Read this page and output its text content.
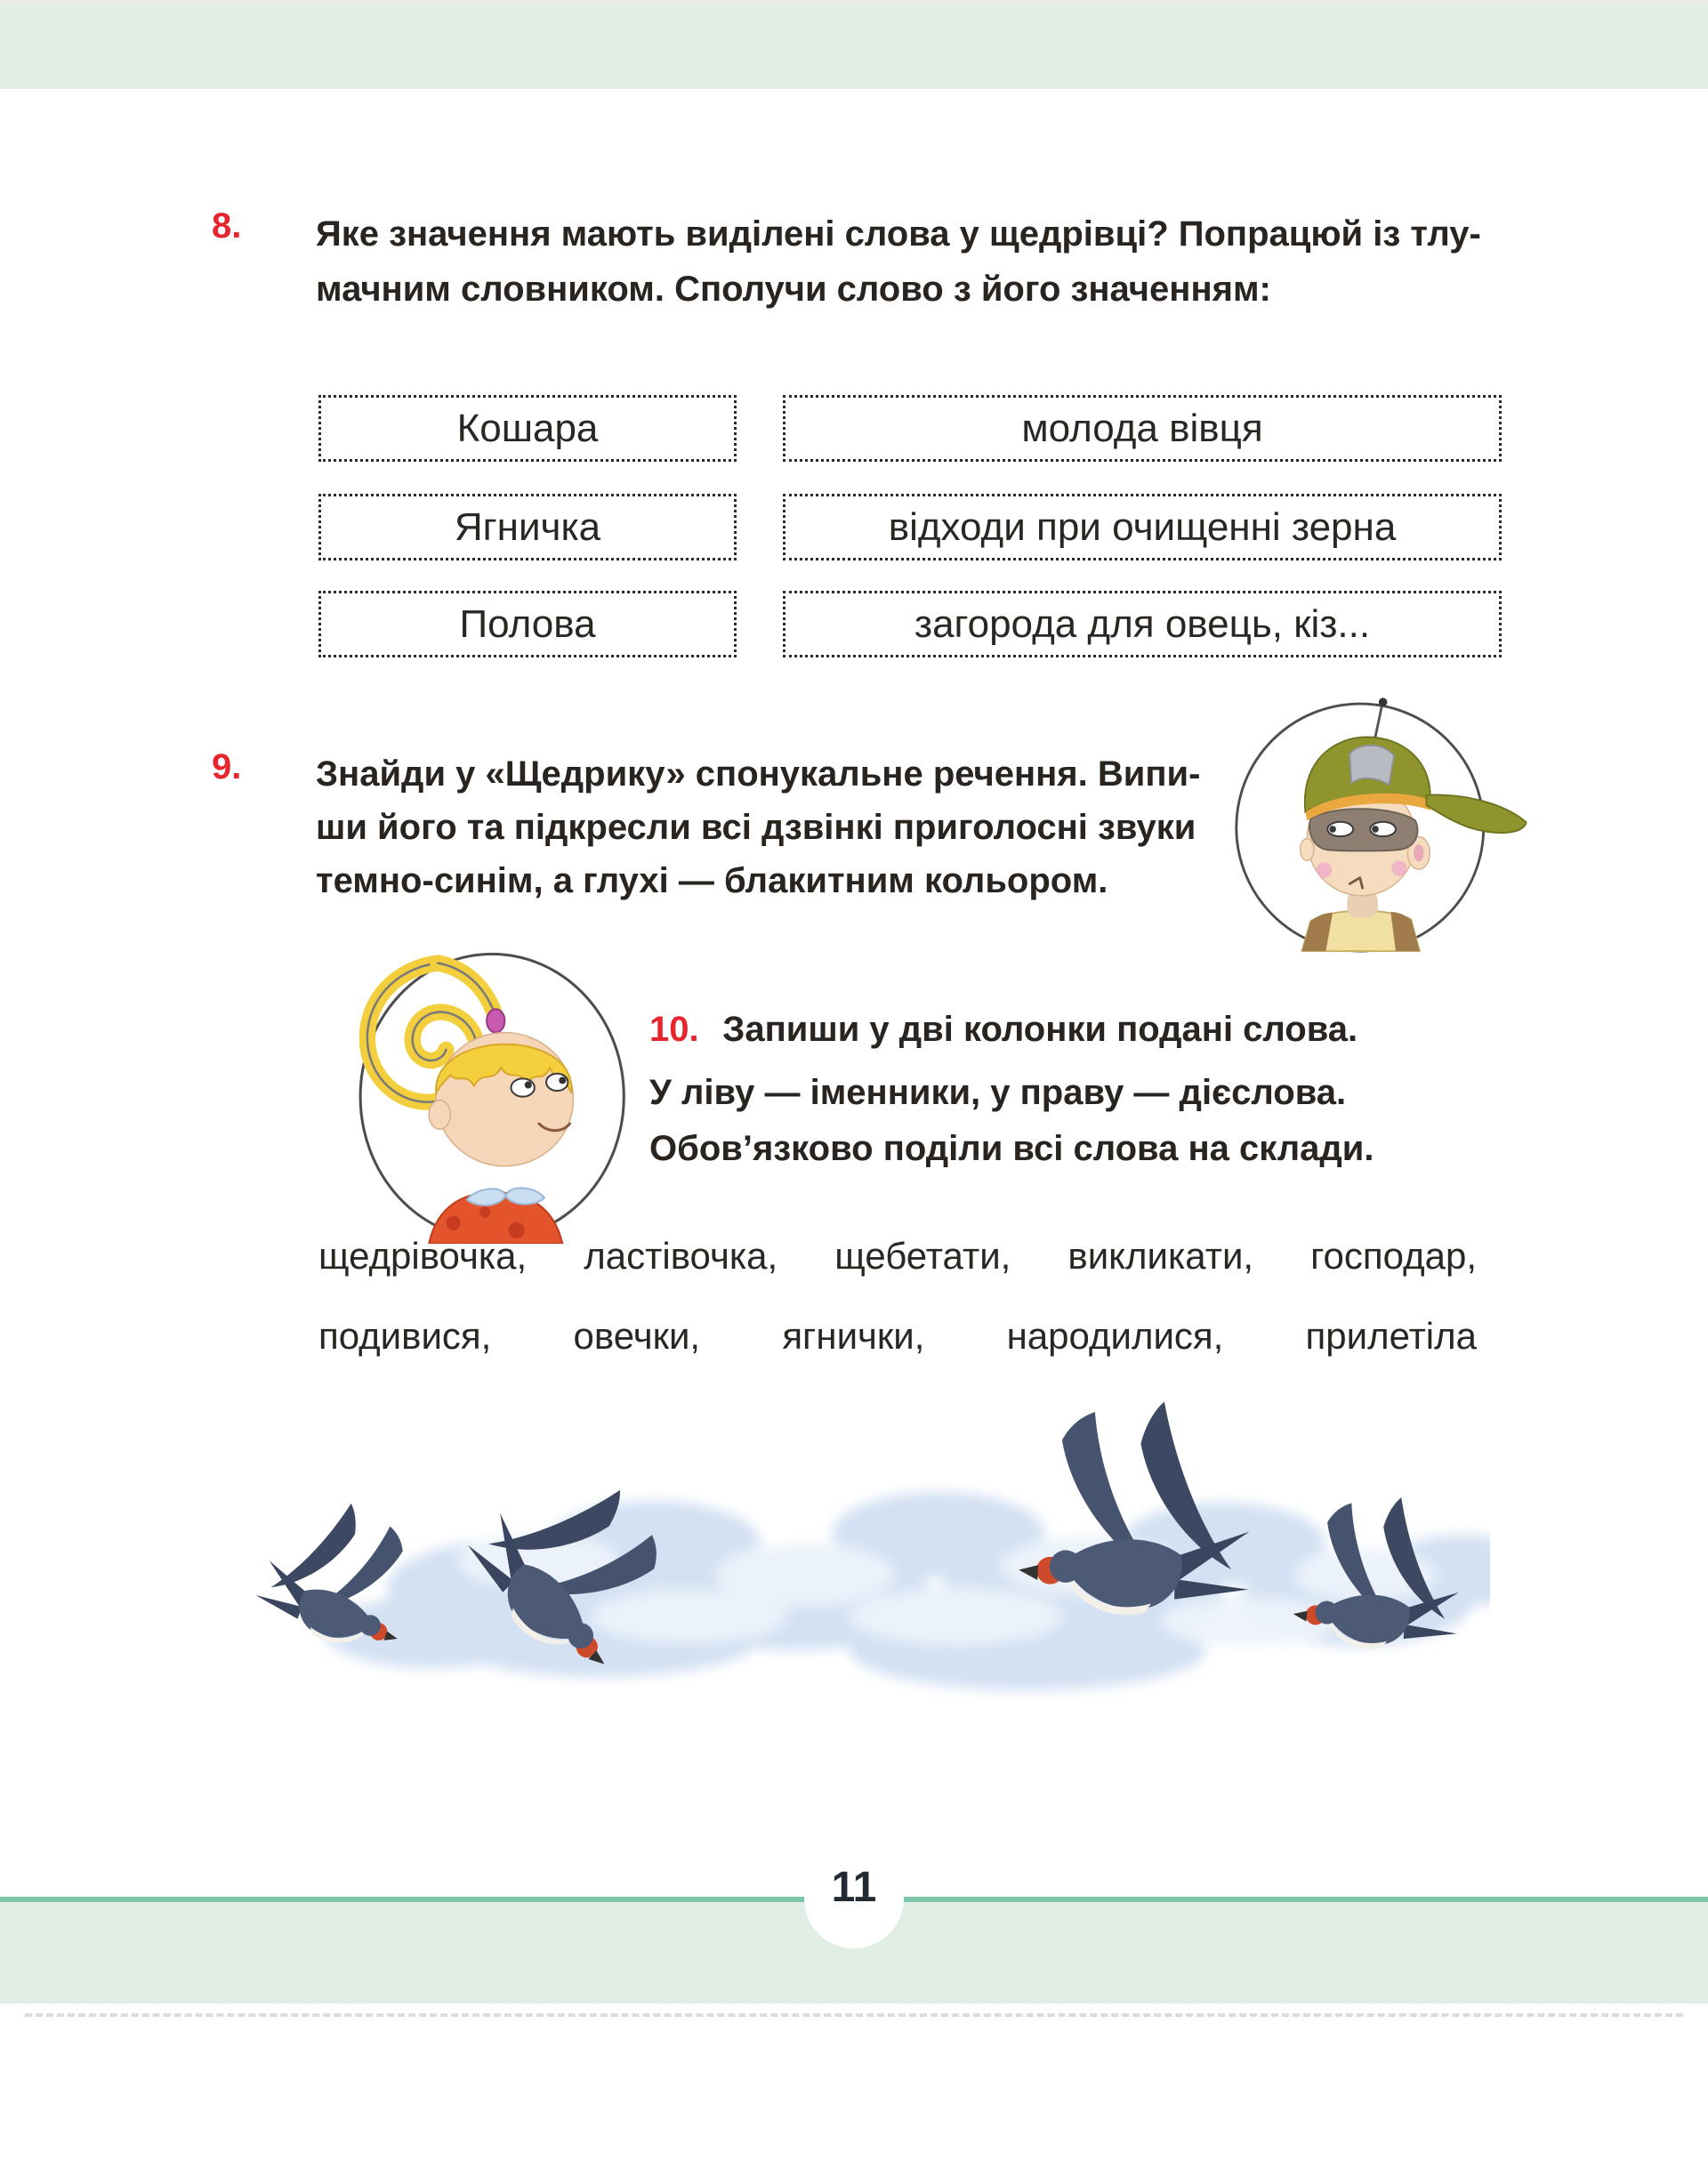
8. Яке значення мають виділені слова у щедрівці? Попрацюй із тлу-
мачним словником. Сполучи слово з його значенням:
Кошара	молода вівця
Ягничка	відходи при очищенні зерна
Полова	загорода для овець, кіз...
9. Знайди у «Щедрику» спонукальне речення. Випи-
ши його та підкресли всі дзвінкі приголосні звуки
темно-синім, а глухі — блакитним кольором.
10.   Запиши у дві колонки подані слова.
У ліву — іменники, у праву — дієслова.
Обов’язково поділи всі слова на склади.
щедрівочка, ластівочка, щебетати, викликати, господар,
подивися, овечки, ягнички, народилися, прилетіла
11
